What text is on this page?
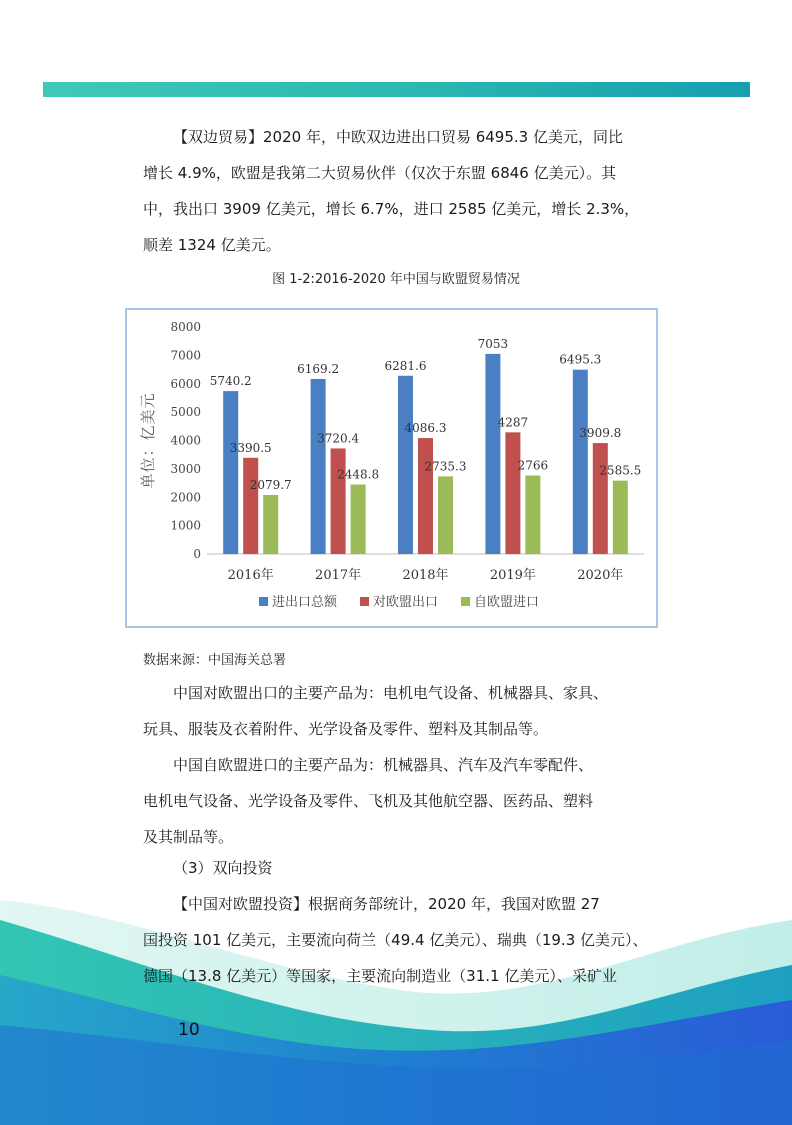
【双边贸易】2020 年，中欧双边进出口贸易 6495.3 亿美元，同比

增长 4.9%，欧盟是我第二大贸易伙伴（仅次于东盟 6846 亿美元）。其

中，我出口 3909 亿美元，增长 6.7%，进口 2585 亿美元，增长 2.3%，

顺差 1324 亿美元。

图 1-2:2016-2020 年中国与欧盟贸易情况
0
1000
2000
3000
4000
5000
6000
7000
8000
单位：亿美元
5740.2
3390.5
2079.7
2016年
6169.2
3720.4
2448.8
2017年
6281.6
4086.3
2735.3
2018年
7053
4287
2766
2019年
6495.3
3909.8
2585.5
2020年
进出口总额	对欧盟出口	自欧盟进口
数据来源：中国海关总署

中国对欧盟出口的主要产品为：电机电气设备、机械器具、家具、

玩具、服装及衣着附件、光学设备及零件、塑料及其制品等。

中国自欧盟进口的主要产品为：机械器具、汽车及汽车零配件、

电机电气设备、光学设备及零件、飞机及其他航空器、医药品、塑料

及其制品等。

（3）双向投资

【中国对欧盟投资】根据商务部统计，2020 年，我国对欧盟 27

国投资 101 亿美元，主要流向荷兰（49.4 亿美元）、瑞典（19.3 亿美元）、

德国（13.8 亿美元）等国家，主要流向制造业（31.1 亿美元）、采矿业

10
